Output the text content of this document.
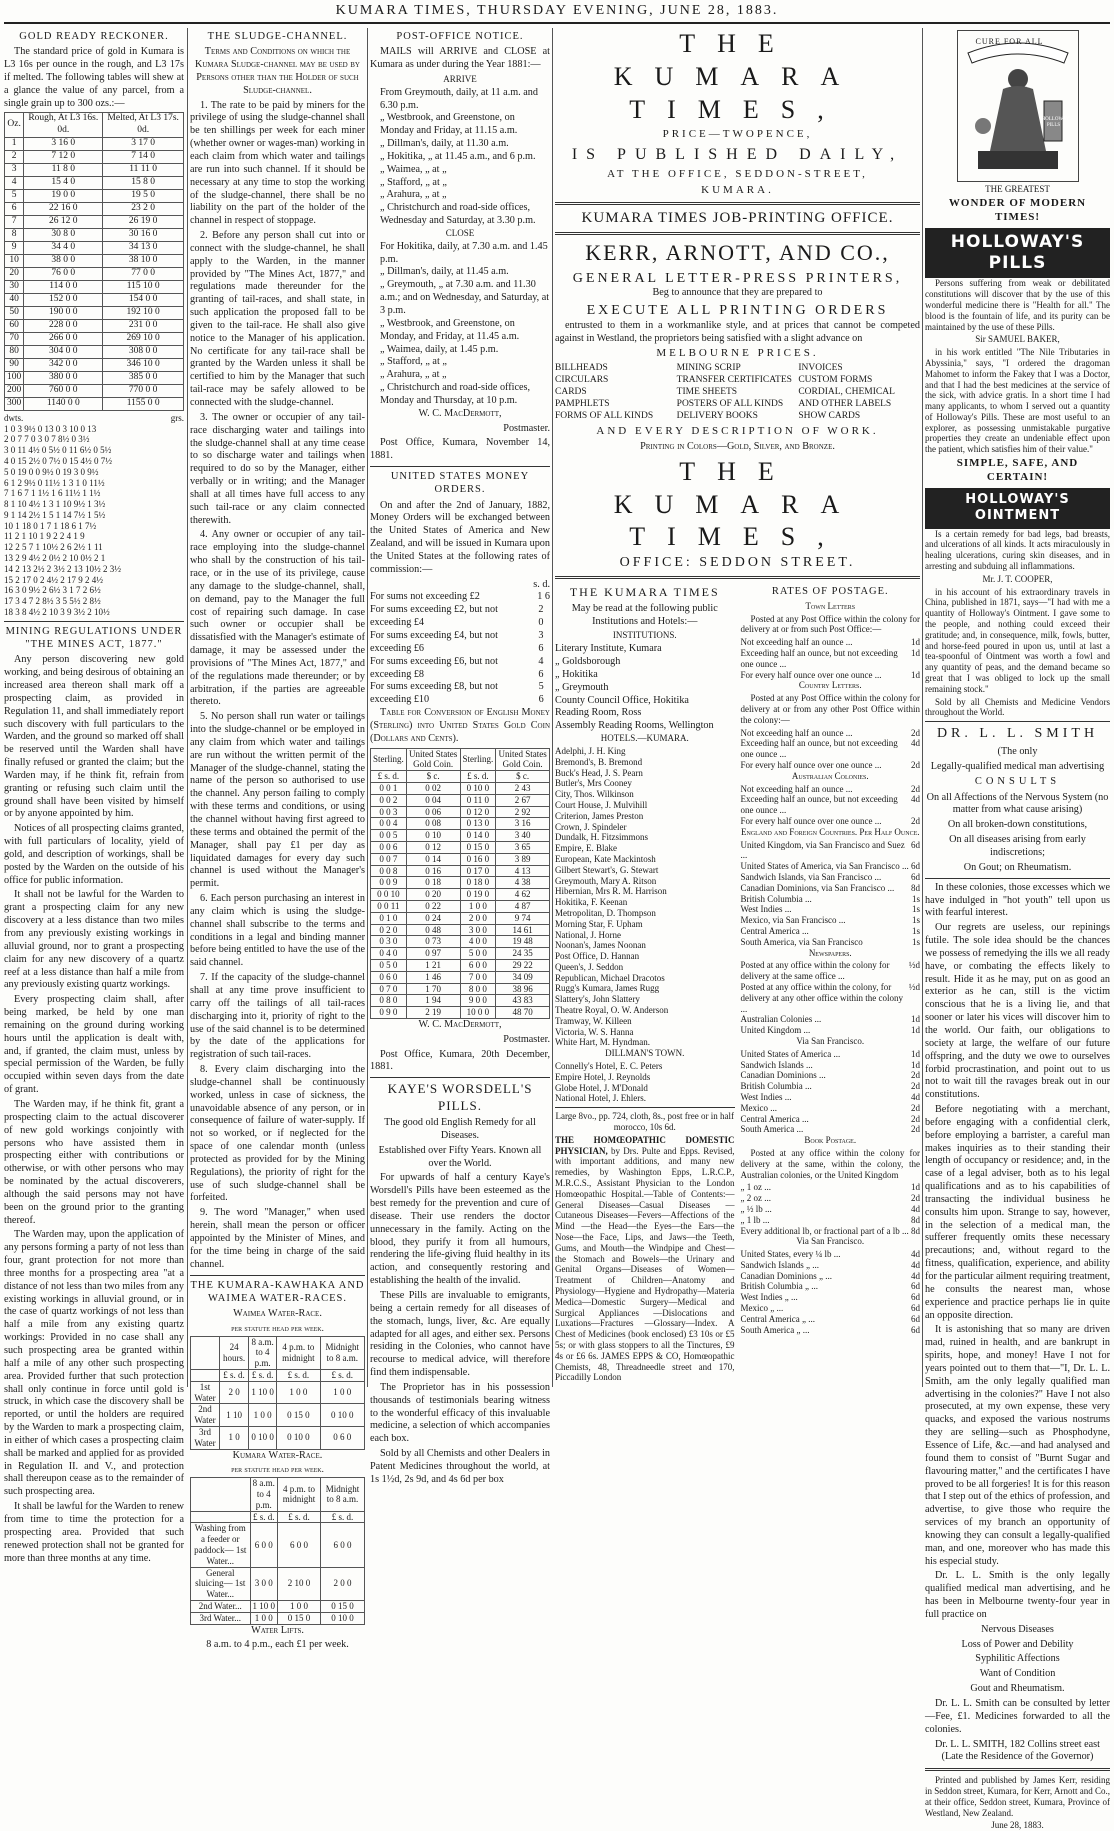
KUMARA TIMES, THURSDAY EVENING, JUNE 28, 1883.
GOLD READY RECKONER.

The standard price of gold in Kumara is L3 16s per ounce in the rough, and L3 17s if melted. The following tables will shew at a glance the value of any parcel, from a single grain up to 300 ozs.:—

Oz.	Rough, At L3 16s. 0d.	Melted, At L3 17s. 0d.
1	3 16 0	3 17 0
2	7 12 0	7 14 0
3	11 8 0	11 11 0
4	15 4 0	15 8 0
5	19 0 0	19 5 0
6	22 16 0	23 2 0
7	26 12 0	26 19 0
8	30 8 0	30 16 0
9	34 4 0	34 13 0
10	38 0 0	38 10 0
20	76 0 0	77 0 0
30	114 0 0	115 10 0
40	152 0 0	154 0 0
50	190 0 0	192 10 0
60	228 0 0	231 0 0
70	266 0 0	269 10 0
80	304 0 0	308 0 0
90	342 0 0	346 10 0
100	380 0 0	385 0 0
200	760 0 0	770 0 0
300	1140 0 0	1155 0 0
dwts.	grs.
1 0 3 9½ 0 13 0 3 10 0 13
2 0 7 7 0 3 0 7 8½ 0 3½
3 0 11 4½ 0 5½ 0 11 6½ 0 5½
4 0 15 2½ 0 7½ 0 15 4½ 0 7½
5 0 19 0 0 9½ 0 19 3 0 9½
6 1 2 9½ 0 11½ 1 3 1 0 11½
7 1 6 7 1 1½ 1 6 11½ 1 1½
8 1 10 4½ 1 3 1 10 9½ 1 3½
9 1 14 2½ 1 5 1 14 7½ 1 5½
10 1 18 0 1 7 1 18 6 1 7½
11 2 1 10 1 9 2 2 4 1 9
12 2 5 7 1 10½ 2 6 2½ 1 11
13 2 9 4½ 2 0½ 2 10 0½ 2 1
14 2 13 2½ 2 3½ 2 13 10½ 2 3½
15 2 17 0 2 4½ 2 17 9 2 4½
16 3 0 9½ 2 6½ 3 1 7 2 6½
17 3 4 7 2 8½ 3 5 5½ 2 8½
18 3 8 4½ 2 10 3 9 3½ 2 10½
MINING REGULATIONS UNDER "THE MINES ACT, 1877."

Any person discovering new gold working, and being desirous of obtaining an increased area thereon shall mark off a prospecting claim, as provided in Regulation 11, and shall immediately report such discovery with full particulars to the Warden, and the ground so marked off shall be reserved until the Warden shall have finally refused or granted the claim; but the Warden may, if he think fit, refrain from granting or refusing such claim until the ground shall have been visited by himself or by anyone appointed by him.

Notices of all prospecting claims granted, with full particulars of locality, yield of gold, and description of workings, shall be posted by the Warden on the outside of his office for public information.

It shall not be lawful for the Warden to grant a prospecting claim for any new discovery at a less distance than two miles from any previously existing workings in alluvial ground, nor to grant a prospecting claim for any new discovery of a quartz reef at a less distance than half a mile from any previously existing quartz workings.

Every prospecting claim shall, after being marked, be held by one man remaining on the ground during working hours until the application is dealt with, and, if granted, the claim must, unless by special permission of the Warden, be fully occupied within seven days from the date of grant.

The Warden may, if he think fit, grant a prospecting claim to the actual discoverer of new gold workings conjointly with persons who have assisted them in prospecting either with contributions or otherwise, or with other persons who may be nominated by the actual discoverers, although the said persons may not have been on the ground prior to the granting thereof.

The Warden may, upon the application of any persons forming a party of not less than four, grant protection for not more than three months for a prospecting area "at a distance of not less than two miles from any existing workings in alluvial ground, or in the case of quartz workings of not less than half a mile from any existing quartz workings: Provided in no case shall any such prospecting area be granted within half a mile of any other such prospecting area. Provided further that such protection shall only continue in force until gold is struck, in which case the discovery shall be reported, or until the holders are required by the Warden to mark a prospecting claim, in either of which cases a prospecting claim shall be marked and applied for as provided in Regulation II. and V., and protection shall thereupon cease as to the remainder of such prospecting area.

It shall be lawful for the Warden to renew from time to time the protection for a prospecting area. Provided that such renewed protection shall not be granted for more than three months at any time.

THE SLUDGE-CHANNEL.

Terms and Conditions on which the Kumara Sludge-channel may be used by Persons other than the Holder of such Sludge-channel.

1. The rate to be paid by miners for the privilege of using the sludge-channel shall be ten shillings per week for each miner (whether owner or wages-man) working in each claim from which water and tailings are run into such channel. If it should be necessary at any time to stop the working of the sludge-channel, there shall be no liability on the part of the holder of the channel in respect of stoppage.

2. Before any person shall cut into or connect with the sludge-channel, he shall apply to the Warden, in the manner provided by "The Mines Act, 1877," and regulations made thereunder for the granting of tail-races, and shall state, in such application the proposed fall to be given to the tail-race. He shall also give notice to the Manager of his application. No certificate for any tail-race shall be granted by the Warden unless it shall be certified to him by the Manager that such tail-race may be safely allowed to be connected with the sludge-channel.

3. The owner or occupier of any tail-race discharging water and tailings into the sludge-channel shall at any time cease to so discharge water and tailings when required to do so by the Manager, either verbally or in writing; and the Manager shall at all times have full access to any such tail-race or any claim connected therewith.

4. Any owner or occupier of any tail-race employing into the sludge-channel who shall by the construction of his tail-race, or in the use of its privilege, cause any damage to the sludge-channel, shall, on demand, pay to the Manager the full cost of repairing such damage. In case such owner or occupier shall be dissatisfied with the Manager's estimate of damage, it may be assessed under the provisions of "The Mines Act, 1877," and of the regulations made thereunder; or by arbitration, if the parties are agreeable thereto.

5. No person shall run water or tailings into the sludge-channel or be employed in any claim from which water and tailings are run without the written permit of the Manager of the sludge-channel, stating the name of the person so authorised to use the channel. Any person failing to comply with these terms and conditions, or using the channel without having first agreed to these terms and obtained the permit of the Manager, shall pay £1 per day as liquidated damages for every day such channel is used without the Manager's permit.

6. Each person purchasing an interest in any claim which is using the sludge-channel shall subscribe to the terms and conditions in a legal and binding manner before being entitled to have the use of the said channel.

7. If the capacity of the sludge-channel shall at any time prove insufficient to carry off the tailings of all tail-races discharging into it, priority of right to the use of the said channel is to be determined by the date of the applications for registration of such tail-races.

8. Every claim discharging into the sludge-channel shall be continuously worked, unless in case of sickness, the unavoidable absence of any person, or in consequence of failure of water-supply. If not so worked, or if neglected for the space of one calendar month (unless protected as provided for by the Mining Regulations), the priority of right for the use of such sludge-channel shall be forfeited.

9. The word "Manager," when used herein, shall mean the person or officer appointed by the Minister of Mines, and for the time being in charge of the said channel.

THE KUMARA-KAWHAKA AND WAIMEA WATER-RACES.

Waimea Water-Race.

per statute head per week.

	24 hours.	8 a.m. to 4 p.m.	4 p.m. to midnight	Midnight to 8 a.m.
	£ s. d.	£ s. d.	£ s. d.	£ s. d.
1st Water	2 0	1 10 0	1 0 0	1 0 0
2nd Water	1 10	1 0 0	0 15 0	0 10 0
3rd Water	1 0	0 10 0	0 10 0	0 6 0

Kumara Water-Race.

per statute head per week.

	8 a.m. to 4 p.m.	4 p.m. to midnight	Midnight to 8 a.m.
	£ s. d.	£ s. d.	£ s. d.
Washing from a feeder or paddock— 1st Water...	6 0 0	6 0 0	6 0 0
General sluicing— 1st Water...	3 0 0	2 10 0	2 0 0
2nd Water...	1 10 0	1 0 0	0 15 0
3rd Water...	1 0 0	0 15 0	0 10 0

Water Lifts.

8 a.m. to 4 p.m., each £1 per week.

POST-OFFICE NOTICE.

MAILS will ARRIVE and CLOSE at Kumara as under during the Year 1881:—

ARRIVE

From Greymouth, daily, at 11 a.m. and 6.30 p.m.
„ Westbrook, and Greenstone, on Monday and Friday, at 11.15 a.m.
„ Dillman's, daily, at 11.30 a.m.
„ Hokitika, „ at 11.45 a.m., and 6 p.m.
„ Waimea, „ at „
„ Stafford, „ at „
„ Arahura, „ at „
„ Christchurch and road-side offices, Wednesday and Saturday, at 3.30 p.m.

CLOSE

For Hokitika, daily, at 7.30 a.m. and 1.45 p.m.
„ Dillman's, daily, at 11.45 a.m.
„ Greymouth, „ at 7.30 a.m. and 11.30 a.m.; and on Wednesday, and Saturday, at 3 p.m.
„ Westbrook, and Greenstone, on Monday, and Friday, at 11.45 a.m.
„ Waimea, daily, at 1.45 p.m.
„ Stafford, „ at „
„ Arahura, „ at „
„ Christchurch and road-side offices, Monday and Thursday, at 10 p.m.

W. C. MacDermott,

Postmaster.

Post Office, Kumara, November 14, 1881.

UNITED STATES MONEY ORDERS.

On and after the 2nd of January, 1882, Money Orders will be exchanged between the United States of America and New Zealand, and will be issued in Kumara upon the United States at the following rates of commission:—

s. d.
For sums not exceeding £2	1 6
For sums exceeding £2, but not exceeding £4
2 0
For sums exceeding £4, but not exceeding £6
3 6
For sums exceeding £6, but not exceeding £8
4 6
For sums exceeding £8, but not exceeding £10
5 6

Table for Conversion of English Money (Sterling) into United States Gold Coin (Dollars and Cents).

Sterling.	United States Gold Coin.	Sterling.	United States Gold Coin.
£ s. d.	$ c.	£ s. d.	$ c.
0 0 1	0 02	0 10 0	2 43
0 0 2	0 04	0 11 0	2 67
0 0 3	0 06	0 12 0	2 92
0 0 4	0 08	0 13 0	3 16
0 0 5	0 10	0 14 0	3 40
0 0 6	0 12	0 15 0	3 65
0 0 7	0 14	0 16 0	3 89
0 0 8	0 16	0 17 0	4 13
0 0 9	0 18	0 18 0	4 38
0 0 10	0 20	0 19 0	4 62
0 0 11	0 22	1 0 0	4 87
0 1 0	0 24	2 0 0	9 74
0 2 0	0 48	3 0 0	14 61
0 3 0	0 73	4 0 0	19 48
0 4 0	0 97	5 0 0	24 35
0 5 0	1 21	6 0 0	29 22
0 6 0	1 46	7 0 0	34 09
0 7 0	1 70	8 0 0	38 96
0 8 0	1 94	9 0 0	43 83
0 9 0	2 19	10 0 0	48 70

W. C. MacDermott,

Postmaster.

Post Office, Kumara, 20th December, 1881.

KAYE'S WORSDELL'S PILLS.

The good old English Remedy for all Diseases.

Established over Fifty Years. Known all over the World.

For upwards of half a century Kaye's Worsdell's Pills have been esteemed as the best remedy for the prevention and cure of disease. Their use renders the doctor unnecessary in the family. Acting on the blood, they purify it from all humours, rendering the life-giving fluid healthy in its action, and consequently restoring and establishing the health of the invalid.

These Pills are invaluable to emigrants, being a certain remedy for all diseases of the stomach, lungs, liver, &c. Are equally adapted for all ages, and either sex. Persons residing in the Colonies, who cannot have recourse to medical advice, will therefore find them indispensable.

The Proprietor has in his possession thousands of testimonials bearing witness to the wonderful efficacy of this invaluable medicine, a selection of which accompanies each box.

Sold by all Chemists and other Dealers in Patent Medicines throughout the world, at 1s 1½d, 2s 9d, and 4s 6d per box

THE KUMARA TIMES,
PRICE—TWOPENCE,
IS PUBLISHED DAILY,
AT THE OFFICE, SEDDON-STREET,
KUMARA.
KUMARA TIMES JOB-PRINTING OFFICE.
KERR, ARNOTT, AND CO.,
GENERAL LETTER-PRESS PRINTERS,

Beg to announce that they are prepared to

EXECUTE ALL PRINTING ORDERS

entrusted to them in a workmanlike style, and at prices that cannot be competed against in Westland, the proprietors being satisfied with a slight advance on

MELBOURNE PRICES.
BILLHEADS	MINING SCRIP	INVOICES
CIRCULARS	TRANSFER CERTIFICATES CUSTOM FORMS
CARDS	TIME SHEETS	CORDIAL, CHEMICAL
PAMPHLETS	POSTERS OF ALL KINDS	AND OTHER LABELS
FORMS OF ALL KINDS	DELIVERY BOOKS	SHOW CARDS
AND EVERY DESCRIPTION OF WORK.

Printing in Colors—Gold, Silver, and Bronze.

THE KUMARA TIMES,
OFFICE: SEDDON STREET.
THE KUMARA TIMES

May be read at the following public Institutions and Hotels:—

INSTITUTIONS.

Literary Institute, Kumara
„ Goldsborough
„ Hokitika
„ Greymouth
County Council Office, Hokitika
Reading Room, Ross
Assembly Reading Rooms, Wellington

HOTELS.—KUMARA.

Adelphi, J. H. King
Bremond's, B. Bremond
Buck's Head, J. S. Pearn
Butler's, Mrs Cooney
City, Thos. Wilkinson
Court House, J. Mulvihill
Criterion, James Preston
Crown, J. Spindeler
Dundalk, H. Fitzsimmons
Empire, E. Blake
European, Kate Mackintosh
Gilbert Stewart's, G. Stewart
Greymouth, Mary A. Ritson
Hibernian, Mrs R. M. Harrison
Hokitika, F. Keenan
Metropolitan, D. Thompson
Morning Star, F. Upham
National, J. Horne
Noonan's, James Noonan
Post Office, D. Hannan
Queen's, J. Seddon
Republican, Michael Dracotos
Rugg's Kumara, James Rugg
Slattery's, John Slattery
Theatre Royal, O. W. Anderson
Tramway, W. Killeen
Victoria, W. S. Hanna
White Hart, M. Hyndman.

DILLMAN'S TOWN.

Connelly's Hotel, E. C. Peters
Empire Hotel, J. Reynolds
Globe Hotel, J. M'Donald
National Hotel, J. Ehlers.

Large 8vo., pp. 724, cloth, 8s., post free or in half morocco, 10s 6d.

THE HOMŒOPATHIC DOMESTIC PHYSICIAN, by Drs. Pulte and Epps. Revised, with important additions, and many new remedies, by Washington Epps, L.R.C.P., M.R.C.S., Assistant Physician to the London Homœopathic Hospital.—Table of Contents:—General Diseases—Casual Diseases — Cutaneous Diseases—Fevers—Affections of the Mind —the Head—the Eyes—the Ears—the Nose—the Face, Lips, and Jaws—the Teeth, Gums, and Mouth—the Windpipe and Chest—the Stomach and Bowels—the Urinary and Genital Organs—Diseases of Women—Treatment of Children—Anatomy and Physiology—Hygiene and Hydropathy—Materia Medica—Domestic Surgery—Medical and Surgical Appliances —Dislocations and Luxations—Fractures —Glossary—Index. A Chest of Medicines (book enclosed) £3 10s or £5 5s; or with glass stoppers to all the Tinctures, £9 4s or £6 6s. JAMES EPPS & CO, Homœopathic Chemists, 48, Threadneedle street and 170, Piccadilly London

RATES OF POSTAGE.

Town Letters

Posted at any Post Office within the colony for delivery at or from such Post Office:—

Not exceeding half an ounce ...	1d
Exceeding half an ounce, but not exceeding one ounce ...
1d
For every half ounce over one ounce ...	1d

Country Letters.

Posted at any Post Office within the colony for delivery at or from any other Post Office within the colony:—

Not exceeding half an ounce ...	2d
Exceeding half an ounce, but not exceeding one ounce ...
4d
For every half ounce over one ounce ...	2d

Australian Colonies.

Not exceeding half an ounce ...	2d
Exceeding half an ounce, but not exceeding one ounce ...
4d
For every half ounce over one ounce ...	2d

England and Foreign Countries. Per Half Ounce.

United Kingdom, via San Francisco and Suez ...
6d
United States of America, via San Francisco ... 6d
Sandwich Islands, via San Francisco ...	6d
Canadian Dominions, via San Francisco ... 8d
British Columbia ...	1s
West Indies ...	1s
Mexico, via San Francisco ...	1s
Central America ...	1s
South America, via San Francisco	1s

Newspapers.

Posted at any office within the colony for delivery at the same office ...
½d
Posted at any office within the colony, for delivery at any other office within the colony ...
½d
Australian Colonies ...	1d
United Kingdom ...	1d

Via San Francisco.

United States of America ...	1d
Sandwich Islands ...	1d
Canadian Dominions ...	2d
British Columbia ...	2d
West Indies ...	4d
Mexico ...	2d
Central America ...	2d
South America ...	2d

Book Postage.

Posted at any office within the colony for delivery at the same, within the colony, the Australian colonies, or the United Kingdom

„ 1 oz ...	1d
„ 2 oz ...	2d
„ ½ lb ...	4d
„ 1 lb ...	8d
Every additional lb, or fractional part of a lb ... 8d

Via San Francisco.

United States, every ¼ lb ...	4d
Sandwich Islands „ ...	4d
Canadian Dominions „ ...	4d
British Columbia „ ...	6d
West Indies „ ...	6d
Mexico „ ...	6d
Central America „ ...	6d
South America „ ...	6d
CURE FOR ALL
HOLLOWAY'S PILLS
THE GREATEST
WONDER OF MODERN TIMES!
HOLLOWAY'S PILLS

Persons suffering from weak or debilitated constitutions will discover that by the use of this wonderful medicine there is "Health for all." The blood is the fountain of life, and its purity can be maintained by the use of these Pills.

Sir SAMUEL BAKER,

in his work entitled "The Nile Tributaries in Abyssinia," says, "I ordered the dragoman Mahomet to inform the Fakey that I was a Doctor, and that I had the best medicines at the service of the sick, with advice gratis. In a short time I had many applicants, to whom I served out a quantity of Holloway's Pills. These are most useful to an explorer, as possessing unmistakable purgative properties they create an undeniable effect upon the patient, which satisfies him of their value."

SIMPLE, SAFE, AND CERTAIN!
HOLLOWAY'S OINTMENT

Is a certain remedy for bad legs, bad breasts, and ulcerations of all kinds. It acts miraculously in healing ulcerations, curing skin diseases, and in arresting and subduing all inflammations.

Mr. J. T. COOPER,

in his account of his extraordinary travels in China, published in 1871, says—"I had with me a quantity of Holloway's Ointment. I gave some to the people, and nothing could exceed their gratitude; and, in consequence, milk, fowls, butter, and horse-feed poured in upon us, until at last a tea-spoonful of Ointment was worth a fowl and any quantity of peas, and the demand became so great that I was obliged to lock up the small remaining stock."

Sold by all Chemists and Medicine Vendors throughout the World.

DR. L. L. SMITH

(The only

Legally-qualified medical man advertising

CONSULTS

On all Affections of the Nervous System (no matter from what cause arising)

On all broken-down constitutions,

On all diseases arising from early indiscretions;

On Gout; on Rheumatism.

In these colonies, those excesses which we have indulged in "hot youth" tell upon us with fearful interest.

Our regrets are useless, our repinings futile. The sole idea should be the chances we possess of remedying the ills we all ready have, or combating the effects likely to result. Hide it as he may, put on as good an exterior as he can, still is the victim conscious that he is a living lie, and that sooner or later his vices will discover him to the world. Our faith, our obligations to society at large, the welfare of our future offspring, and the duty we owe to ourselves forbid procrastination, and point out to us not to wait till the ravages break out in our constitutions.

Before negotiating with a merchant, before engaging with a confidential clerk, before employing a barrister, a careful man makes inquiries as to their standing their length of occupancy or residence; and, in the case of a legal adviser, both as to his legal qualifications and as to his capabilities of transacting the individual business he consults him upon. Strange to say, however, in the selection of a medical man, the sufferer frequently omits these necessary precautions; and, without regard to the fitness, qualification, experience, and ability for the particular ailment requiring treatment, he consults the nearest man, whose experience and practice perhaps lie in quite an opposite direction.

It is astonishing that so many are driven mad, ruined in health, and are bankrupt in spirits, hope, and money! Have I not for years pointed out to them that—"I, Dr. L. L. Smith, am the only legally qualified man advertising in the colonies?" Have I not also prosecuted, at my own expense, these very quacks, and exposed the various nostrums they are selling—such as Phosphodyne, Essence of Life, &c.—and had analysed and found them to consist of "Burnt Sugar and flavouring matter," and the certificates I have proved to be all forgeries! It is for this reason that I step out of the ethics of profession, and advertise, to give those who require the services of my branch an opportunity of knowing they can consult a legally-qualified man, and one, moreover who has made this his especial study.

Dr. L. L. Smith is the only legally qualified medical man advertising, and he has been in Melbourne twenty-four year in full practice on

Nervous Diseases

Loss of Power and Debility

Syphilitic Affections

Want of Condition

Gout and Rheumatism.

Dr. L. L. Smith can be consulted by letter—Fee, £1. Medicines forwarded to all the colonies.

Dr. L. L. SMITH, 182 Collins street east (Late the Residence of the Governor)

Printed and published by James Kerr, residing in Seddon street, Kumara, for Kerr, Arnott and Co., at their office, Seddon street, Kumara, Province of Westland, New Zealand.

June 28, 1883.
